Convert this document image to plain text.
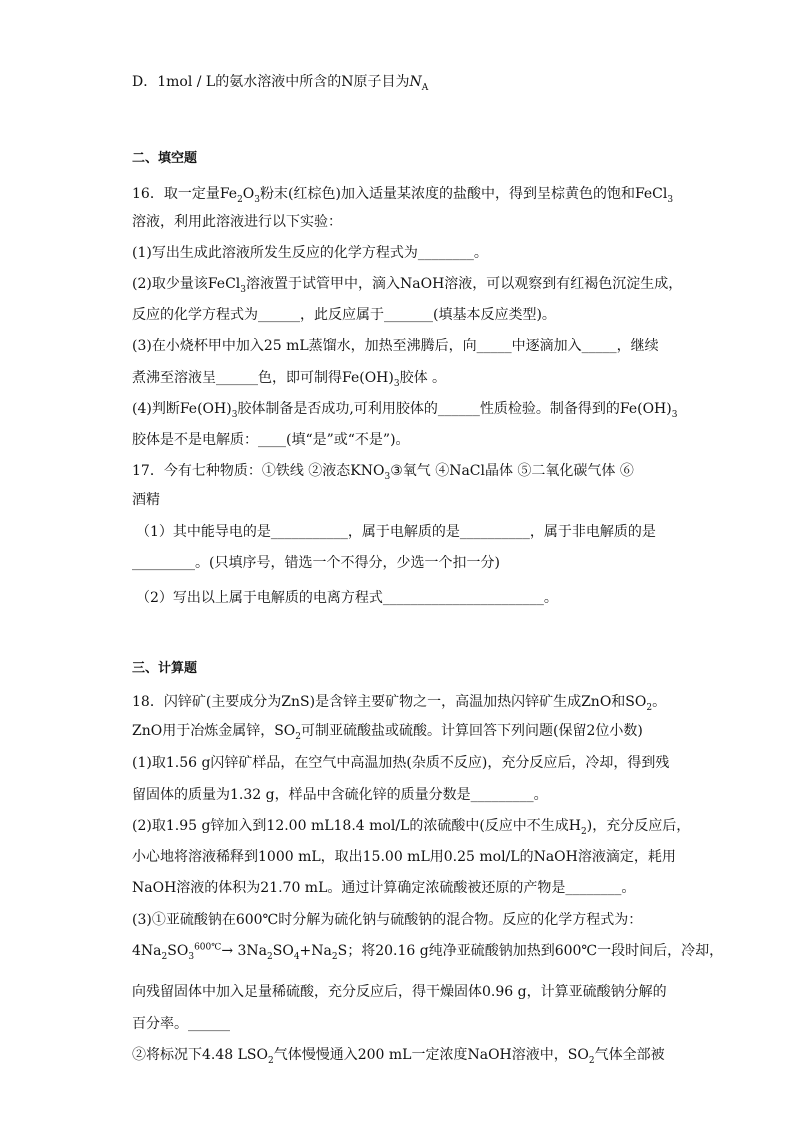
D．1mol / L的氨水溶液中所含的N原子目为$N_A$
二、填空题
16．取一定量$Fe_2O_3$粉末(红棕色)加入适量某浓度的盐酸中，得到呈棕黄色的饱和FeCl$_3$
溶液，利用此溶液进行以下实验：
(1)写出生成此溶液所发生反应的化学方程式为________。
(2)取少量该FeCl$_3$溶液置于试管甲中，滴入NaOH溶液，可以观察到有红褐色沉淀生成，
反应的化学方程式为______，此反应属于_______(填基本反应类型)。
(3)在小烧杯甲中加入25 mL蒸馏水，加热至沸腾后，向_____中逐滴加入_____，继续
煮沸至溶液呈______色，即可制得$Fe(OH)_3$胶体 。
(4)判断$Fe(OH)_3$胶体制备是否成功,可利用胶体的______性质检验。制备得到的$Fe(OH)_3$
胶体是不是电解质：____(填“是”或“不是”)。
17．今有七种物质：①铁线 ②液态$KNO_3③$氧气 ④NaCl晶体 ⑤二氧化碳气体 ⑥
酒精
（1）其中能导电的是___________，属于电解质的是__________，属于非电解质的是
_________。(只填序号，错选一个不得分，少选一个扣一分)
（2）写出以上属于电解质的电离方程式_______________________。
三、计算题
18．闪锌矿(主要成分为ZnS)是含锌主要矿物之一，高温加热闪锌矿生成ZnO和$SO_2$。
ZnO用于冶炼金属锌，$SO_2$可制亚硫酸盐或硫酸。计算回答下列问题(保留2位小数)
(1)取1.56 g闪锌矿样品，在空气中高温加热(杂质不反应)，充分反应后，冷却，得到残
留固体的质量为1.32 g，样品中含硫化锌的质量分数是_________。
(2)取1.95 g锌加入到12.00 mL18.4 mol/L的浓硫酸中(反应中不生成$H_2$)，充分反应后，
小心地将溶液稀释到1000 mL，取出15.00 mL用0.25 mol/L的NaOH溶液滴定，耗用
NaOH溶液的体积为21.70 mL。通过计算确定浓硫酸被还原的产物是________。
(3)①亚硫酸钠在600℃时分解为硫化钠与硫酸钠的混合物。反应的化学方程式为：
$4Na_2SO_3^{600℃}\to 3Na_2SO_4+Na_2S$；将20.16 g纯净亚硫酸钠加热到600℃一段时间后，冷却，
向残留固体中加入足量稀硫酸，充分反应后，得干燥固体0.96 g，计算亚硫酸钠分解的
百分率。______
②将标况下4.48 $LSO_2$气体慢慢通入200 mL一定浓度NaOH溶液中，$SO_2$气体全部被
